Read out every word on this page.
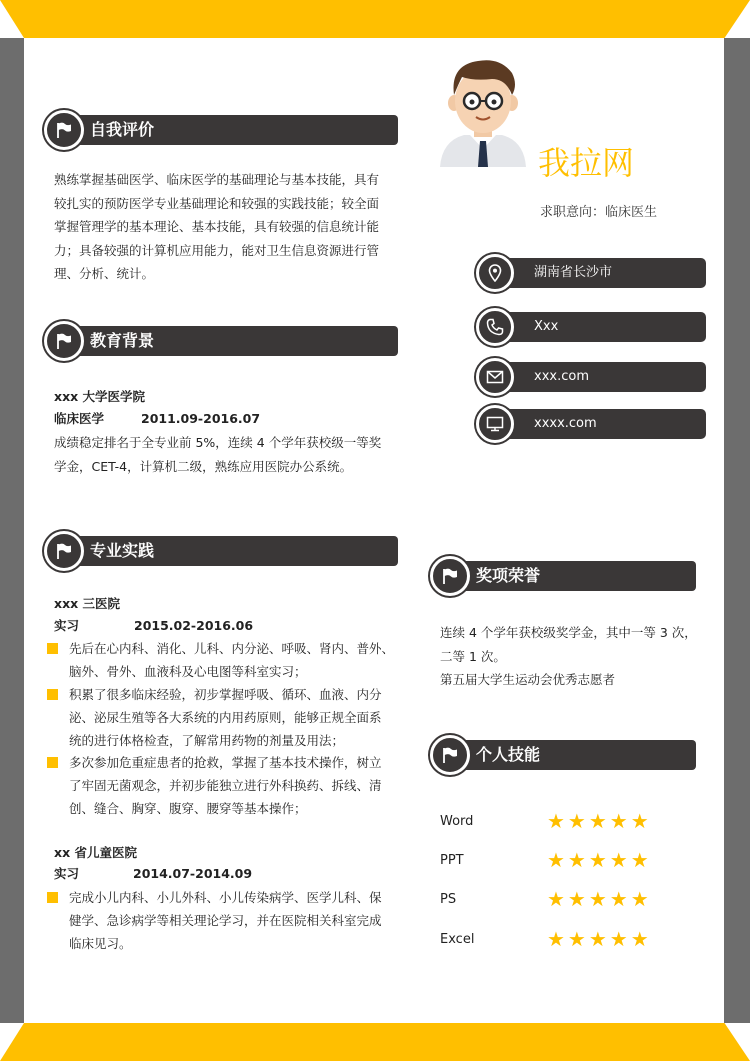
我拉网
求职意向：临床医生
湖南省长沙市
Xxx
xxx.com
xxxx.com
自我评价
熟练掌握基础医学、临床医学的基础理论与基本技能，具有
较扎实的预防医学专业基础理论和较强的实践技能；较全面
掌握管理学的基本理论、基本技能，具有较强的信息统计能
力；具备较强的计算机应用能力，能对卫生信息资源进行管
理、分析、统计。
教育背景
xxx 大学医学院
临床医学	2011.09-2016.07
成绩稳定排名于全专业前 5%，连续 4 个学年获校级一等奖
学金，CET-4，计算机二级，熟练应用医院办公系统。
专业实践
xxx 三医院
实习	2015.02-2016.06
先后在心内科、消化、儿科、内分泌、呼吸、肾内、普外、
脑外、骨外、血液科及心电图等科室实习；
积累了很多临床经验，初步掌握呼吸、循环、血液、内分
泌、泌尿生殖等各大系统的内用药原则，能够正规全面系
统的进行体格检查，了解常用药物的剂量及用法；
多次参加危重症患者的抢救，掌握了基本技术操作，树立
了牢固无菌观念，并初步能独立进行外科换药、拆线、清
创、缝合、胸穿、腹穿、腰穿等基本操作；
xx 省儿童医院
实习	2014.07-2014.09
完成小儿内科、小儿外科、小儿传染病学、医学儿科、保
健学、急诊病学等相关理论学习，并在医院相关科室完成
临床见习。
奖项荣誉
连续 4 个学年获校级奖学金，其中一等 3 次，
二等 1 次。
第五届大学生运动会优秀志愿者
个人技能
Word	★★★★★
PPT	★★★★★
PS	★★★★★
Excel	★★★★★
